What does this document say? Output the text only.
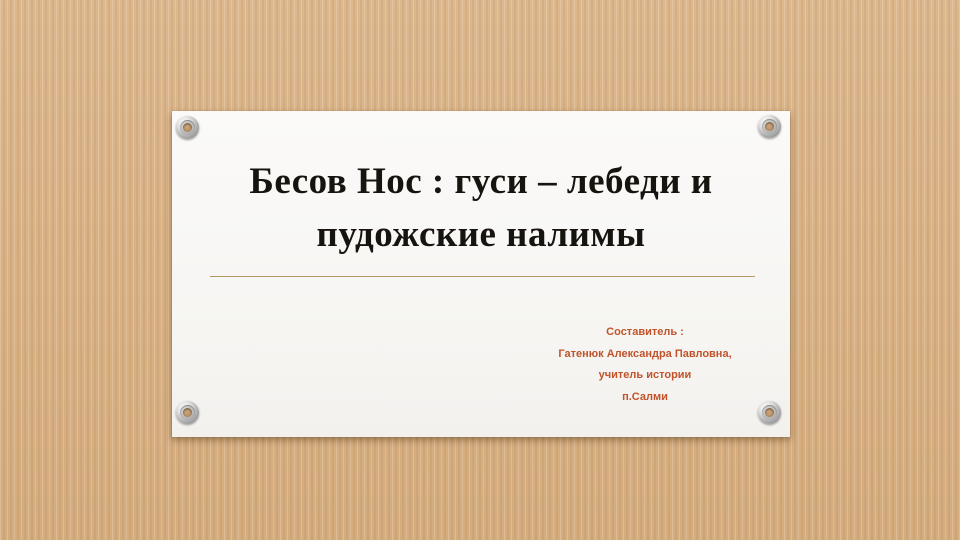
Бесов Нос : гуси – лебеди и
пудожские налимы
Составитель :
Гатенюк Александра Павловна,
учитель истории
п.Салми
